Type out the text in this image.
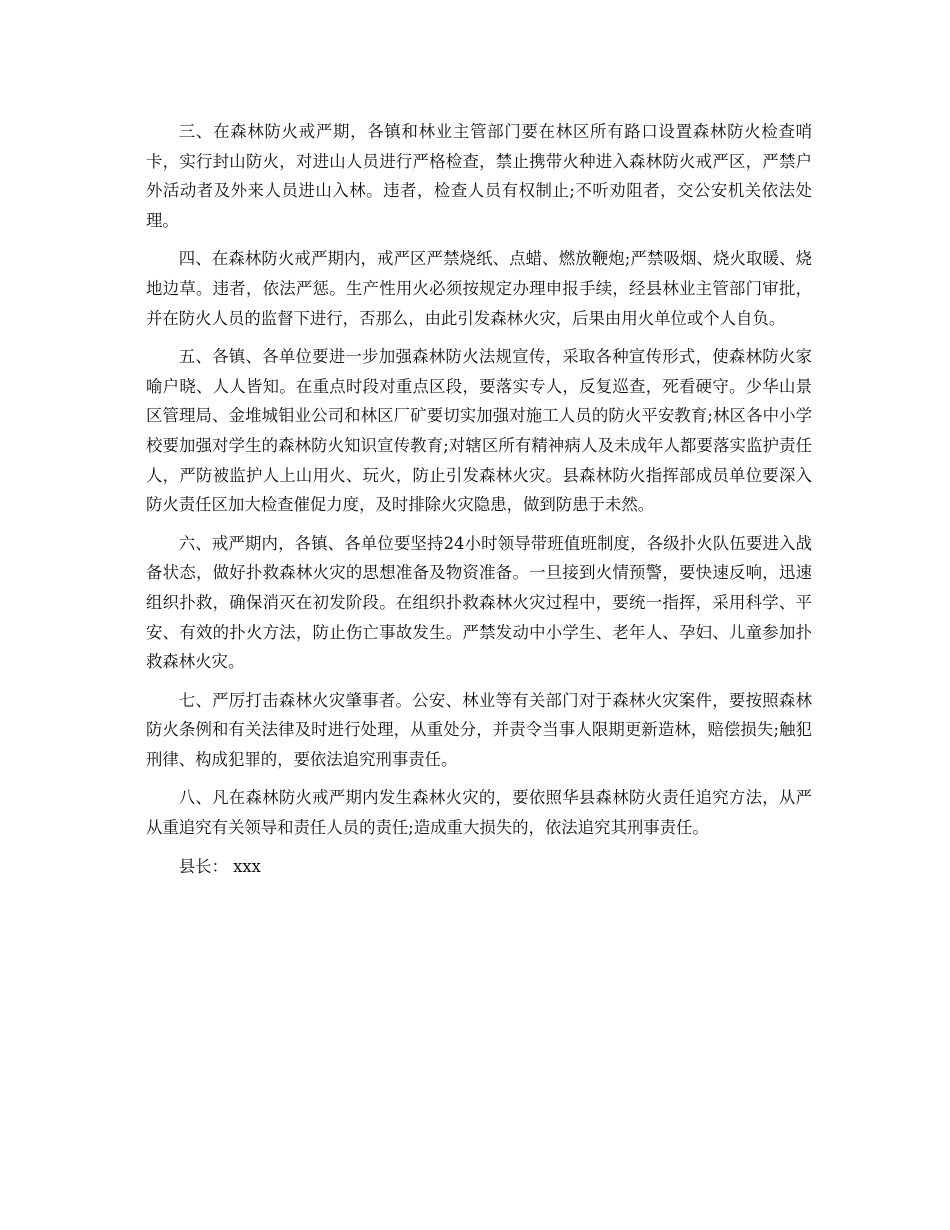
三、在森林防火戒严期，各镇和林业主管部门要在林区所有路口设置森林防火检查哨卡，实行封山防火，对进山人员进行严格检查，禁止携带火种进入森林防火戒严区，严禁户外活动者及外来人员进山入林。违者，检查人员有权制止;不听劝阻者，交公安机关依法处理。

四、在森林防火戒严期内，戒严区严禁烧纸、点蜡、燃放鞭炮;严禁吸烟、烧火取暖、烧地边草。违者，依法严惩。生产性用火必须按规定办理申报手续，经县林业主管部门审批，并在防火人员的监督下进行，否那么，由此引发森林火灾，后果由用火单位或个人自负。

五、各镇、各单位要进一步加强森林防火法规宣传，采取各种宣传形式，使森林防火家喻户晓、人人皆知。在重点时段对重点区段，要落实专人，反复巡查，死看硬守。少华山景区管理局、金堆城钼业公司和林区厂矿要切实加强对施工人员的防火平安教育;林区各中小学校要加强对学生的森林防火知识宣传教育;对辖区所有精神病人及未成年人都要落实监护责任人，严防被监护人上山用火、玩火，防止引发森林火灾。县森林防火指挥部成员单位要深入防火责任区加大检查催促力度，及时排除火灾隐患，做到防患于未然。

六、戒严期内，各镇、各单位要坚持24小时领导带班值班制度，各级扑火队伍要进入战备状态，做好扑救森林火灾的思想准备及物资准备。一旦接到火情预警，要快速反响，迅速组织扑救，确保消灭在初发阶段。在组织扑救森林火灾过程中，要统一指挥，采用科学、平安、有效的扑火方法，防止伤亡事故发生。严禁发动中小学生、老年人、孕妇、儿童参加扑救森林火灾。

七、严厉打击森林火灾肇事者。公安、林业等有关部门对于森林火灾案件，要按照森林防火条例和有关法律及时进行处理，从重处分，并责令当事人限期更新造林，赔偿损失;触犯刑律、构成犯罪的，要依法追究刑事责任。

八、凡在森林防火戒严期内发生森林火灾的，要依照华县森林防火责任追究方法，从严从重追究有关领导和责任人员的责任;造成重大损失的，依法追究其刑事责任。

县长： xxx
